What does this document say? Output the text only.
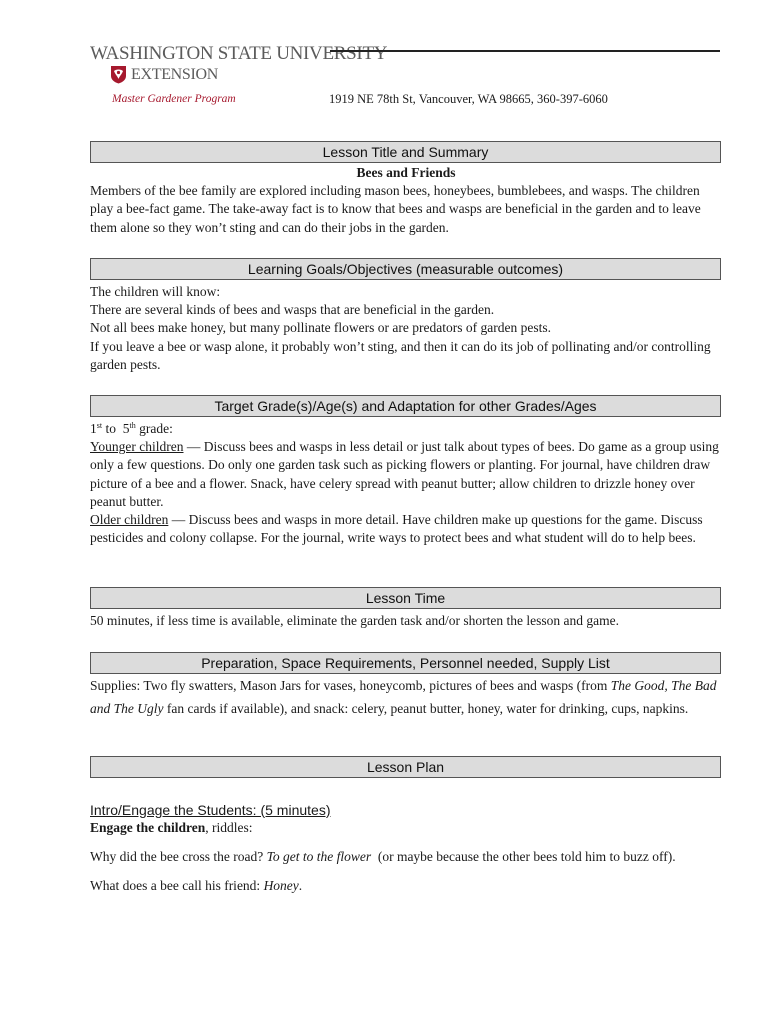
WASHINGTON STATE UNIVERSITY
EXTENSION
Master Gardener Program	1919 NE 78th St, Vancouver, WA 98665, 360-397-6060
Lesson Title and Summary

Bees and Friends

Members of the bee family are explored including mason bees, honeybees, bumblebees, and wasps. The children play a bee-fact game. The take-away fact is to know that bees and wasps are beneficial in the garden and to leave them alone so they won’t sting and can do their jobs in the garden.

Learning Goals/Objectives (measurable outcomes)

The children will know:

There are several kinds of bees and wasps that are beneficial in the garden.

Not all bees make honey, but many pollinate flowers or are predators of garden pests.

If you leave a bee or wasp alone, it probably won’t sting, and then it can do its job of pollinating and/or controlling garden pests.

Target Grade(s)/Age(s) and Adaptation for other Grades/Ages

1st to  5th grade:

Younger children — Discuss bees and wasps in less detail or just talk about types of bees. Do game as a group using only a few questions. Do only one garden task such as picking flowers or planting. For journal, have children draw picture of a bee and a flower. Snack, have celery spread with peanut butter; allow children to drizzle honey over peanut butter.

Older children — Discuss bees and wasps in more detail. Have children make up questions for the game. Discuss pesticides and colony collapse. For the journal, write ways to protect bees and what student will do to help bees.

Lesson Time

50 minutes, if less time is available, eliminate the garden task and/or shorten the lesson and game.

Preparation, Space Requirements, Personnel needed, Supply List

Supplies: Two fly swatters, Mason Jars for vases, honeycomb, pictures of bees and wasps (from The Good, The Bad and The Ugly fan cards if available), and snack: celery, peanut butter, honey, water for drinking, cups, napkins.

Lesson Plan

Intro/Engage the Students: (5 minutes)

Engage the children, riddles:

Why did the bee cross the road? To get to the flower  (or maybe because the other bees told him to buzz off).

What does a bee call his friend: Honey.
